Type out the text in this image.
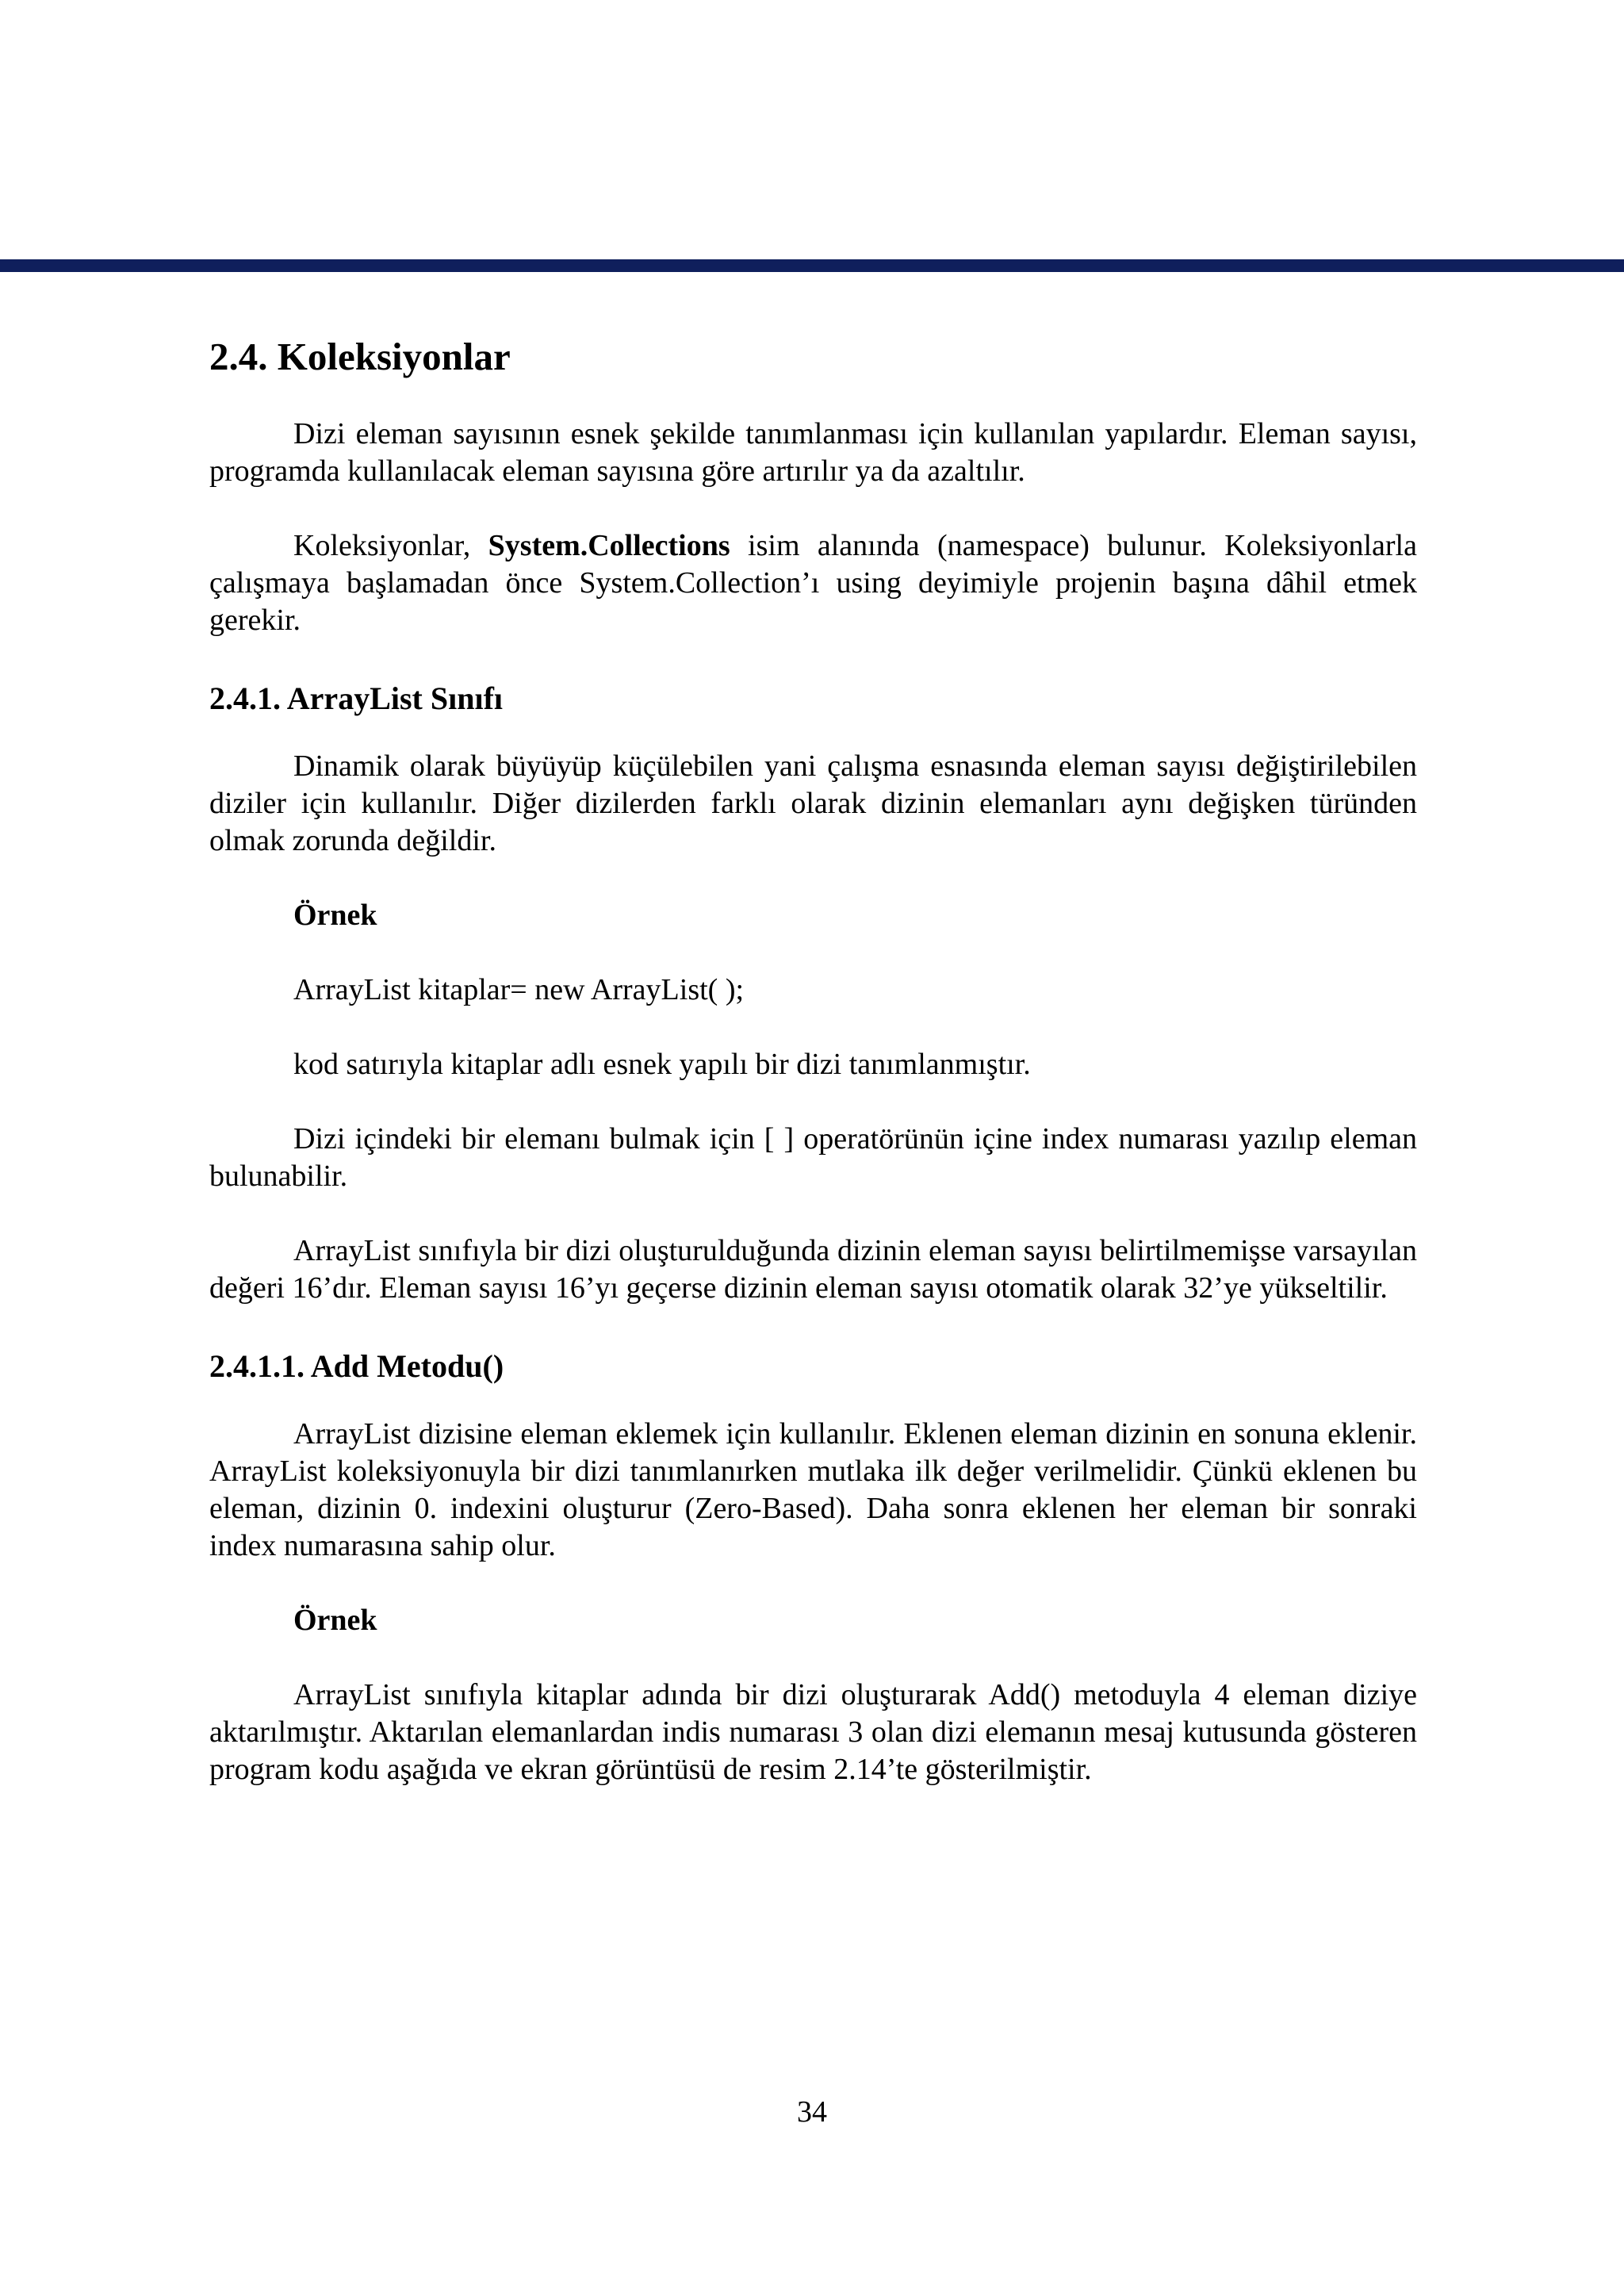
2.4. Koleksiyonlar

Dizi eleman sayısının esnek şekilde tanımlanması için kullanılan yapılardır. Eleman sayısı, programda kullanılacak eleman sayısına göre artırılır ya da azaltılır.

Koleksiyonlar, System.Collections isim alanında (namespace) bulunur. Koleksiyonlarla çalışmaya başlamadan önce System.Collection’ı using deyimiyle projenin başına dâhil etmek gerekir.

2.4.1. ArrayList Sınıfı

Dinamik olarak büyüyüp küçülebilen yani çalışma esnasında eleman sayısı değiştirilebilen diziler için kullanılır. Diğer dizilerden farklı olarak dizinin elemanları aynı değişken türünden olmak zorunda değildir.

Örnek

ArrayList kitaplar= new ArrayList( );

kod satırıyla kitaplar adlı esnek yapılı bir dizi tanımlanmıştır.

Dizi içindeki bir elemanı bulmak için [ ] operatörünün içine index numarası yazılıp eleman bulunabilir.

ArrayList sınıfıyla bir dizi oluşturulduğunda dizinin eleman sayısı belirtilmemişse varsayılan değeri 16’dır. Eleman sayısı 16’yı geçerse dizinin eleman sayısı otomatik olarak 32’ye yükseltilir.

2.4.1.1. Add Metodu()

ArrayList dizisine eleman eklemek için kullanılır. Eklenen eleman dizinin en sonuna eklenir. ArrayList koleksiyonuyla bir dizi tanımlanırken mutlaka ilk değer verilmelidir. Çünkü eklenen bu eleman, dizinin 0. indexini oluşturur (Zero-Based). Daha sonra eklenen her eleman bir sonraki index numarasına sahip olur.

Örnek

ArrayList sınıfıyla kitaplar adında bir dizi oluşturarak Add() metoduyla 4 eleman diziye aktarılmıştır. Aktarılan elemanlardan indis numarası 3 olan dizi elemanın mesaj kutusunda gösteren program kodu aşağıda ve ekran görüntüsü de resim 2.14’te gösterilmiştir.

34
